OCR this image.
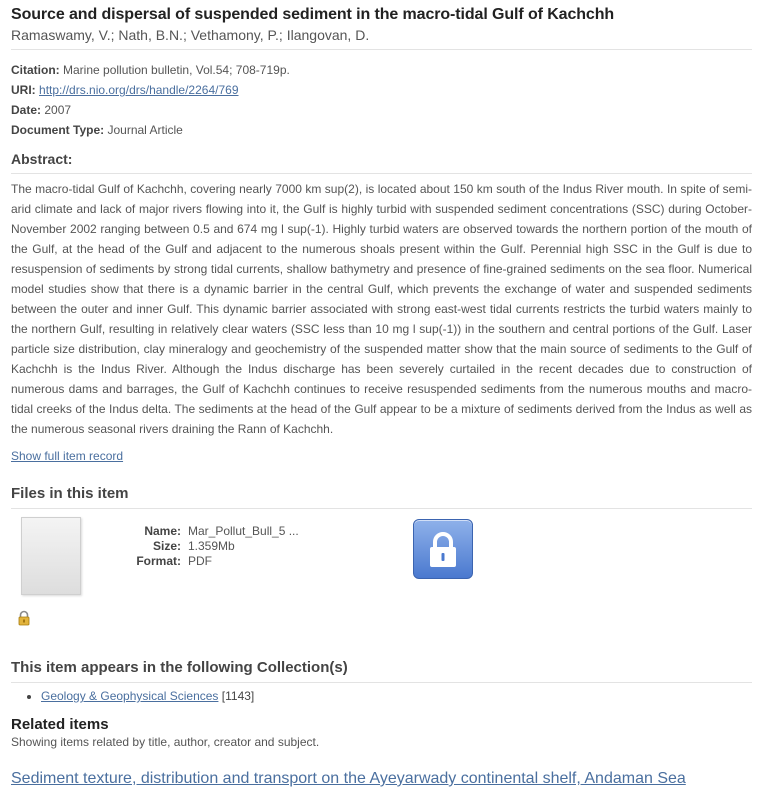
Source and dispersal of suspended sediment in the macro-tidal Gulf of Kachchh
Ramaswamy, V.; Nath, B.N.; Vethamony, P.; Ilangovan, D.
Citation: Marine pollution bulletin, Vol.54; 708-719p.
URI: http://drs.nio.org/drs/handle/2264/769
Date: 2007
Document Type: Journal Article
Abstract:
The macro-tidal Gulf of Kachchh, covering nearly 7000 km sup(2), is located about 150 km south of the Indus River mouth. In spite of semi-arid climate and lack of major rivers flowing into it, the Gulf is highly turbid with suspended sediment concentrations (SSC) during October-November 2002 ranging between 0.5 and 674 mg l sup(-1). Highly turbid waters are observed towards the northern portion of the mouth of the Gulf, at the head of the Gulf and adjacent to the numerous shoals present within the Gulf. Perennial high SSC in the Gulf is due to resuspension of sediments by strong tidal currents, shallow bathymetry and presence of fine-grained sediments on the sea floor. Numerical model studies show that there is a dynamic barrier in the central Gulf, which prevents the exchange of water and suspended sediments between the outer and inner Gulf. This dynamic barrier associated with strong east-west tidal currents restricts the turbid waters mainly to the northern Gulf, resulting in relatively clear waters (SSC less than 10 mg l sup(-1)) in the southern and central portions of the Gulf. Laser particle size distribution, clay mineralogy and geochemistry of the suspended matter show that the main source of sediments to the Gulf of Kachchh is the Indus River. Although the Indus discharge has been severely curtailed in the recent decades due to construction of numerous dams and barrages, the Gulf of Kachchh continues to receive resuspended sediments from the numerous mouths and macro-tidal creeks of the Indus delta. The sediments at the head of the Gulf appear to be a mixture of sediments derived from the Indus as well as the numerous seasonal rivers draining the Rann of Kachchh.
Show full item record
Files in this item
Name: Mar_Pollut_Bull_5 ...
Size: 1.359Mb
Format: PDF
This item appears in the following Collection(s)
• Geology & Geophysical Sciences [1143]
Related items
Showing items related by title, author, creator and subject.
Sediment texture, distribution and transport on the Ayeyarwady continental shelf, Andaman Sea
